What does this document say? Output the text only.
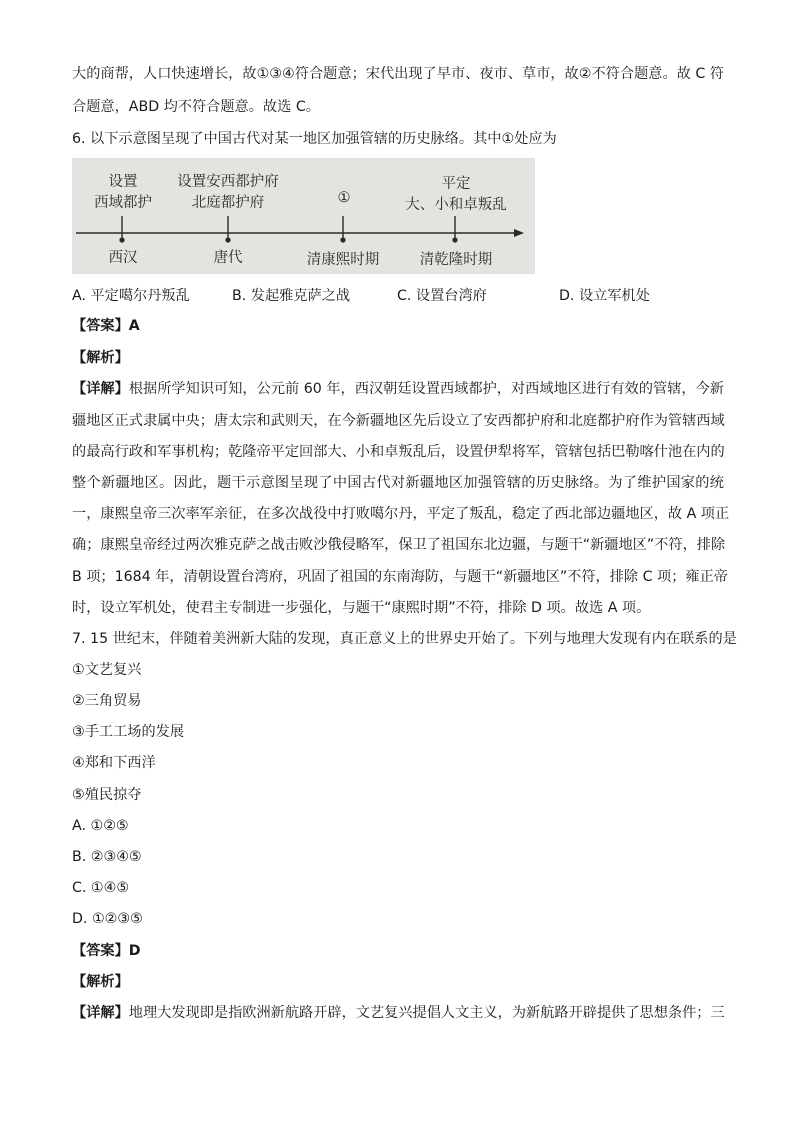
大的商帮，人口快速增长，故①③④符合题意；宋代出现了早市、夜市、草市，故②不符合题意。故 C 符
合题意，ABD 均不符合题意。故选 C。
6. 以下示意图呈现了中国古代对某一地区加强管辖的历史脉络。其中①处应为
设置
西域都护
设置安西都护府
北庭都护府	①
平定
大、小和卓叛乱
西汉	唐代	清康熙时期	清乾隆时期
A. 平定噶尔丹叛乱	B. 发起雅克萨之战	C. 设置台湾府	D. 设立军机处
【答案】A
【解析】
【详解】根据所学知识可知，公元前 60 年，西汉朝廷设置西域都护，对西域地区进行有效的管辖，今新
疆地区正式隶属中央；唐太宗和武则天，在今新疆地区先后设立了安西都护府和北庭都护府作为管辖西域
的最高行政和军事机构；乾隆帝平定回部大、小和卓叛乱后，设置伊犁将军，管辖包括巴勒喀什池在内的
整个新疆地区。因此，题干示意图呈现了中国古代对新疆地区加强管辖的历史脉络。为了维护国家的统
一，康熙皇帝三次率军亲征，在多次战役中打败噶尔丹，平定了叛乱，稳定了西北部边疆地区，故 A 项正
确；康熙皇帝经过两次雅克萨之战击败沙俄侵略军，保卫了祖国东北边疆，与题干“新疆地区”不符，排除
B 项；1684 年，清朝设置台湾府，巩固了祖国的东南海防，与题干“新疆地区”不符，排除 C 项；雍正帝
时，设立军机处，使君主专制进一步强化，与题干“康熙时期”不符，排除 D 项。故选 A 项。
7. 15 世纪末，伴随着美洲新大陆的发现，真正意义上的世界史开始了。下列与地理大发现有内在联系的是
①文艺复兴
②三角贸易
③手工工场的发展
④郑和下西洋
⑤殖民掠夺
A. ①②⑤
B. ②③④⑤
C. ①④⑤
D. ①②③⑤
【答案】D
【解析】
【详解】地理大发现即是指欧洲新航路开辟，文艺复兴提倡人文主义，为新航路开辟提供了思想条件；三
